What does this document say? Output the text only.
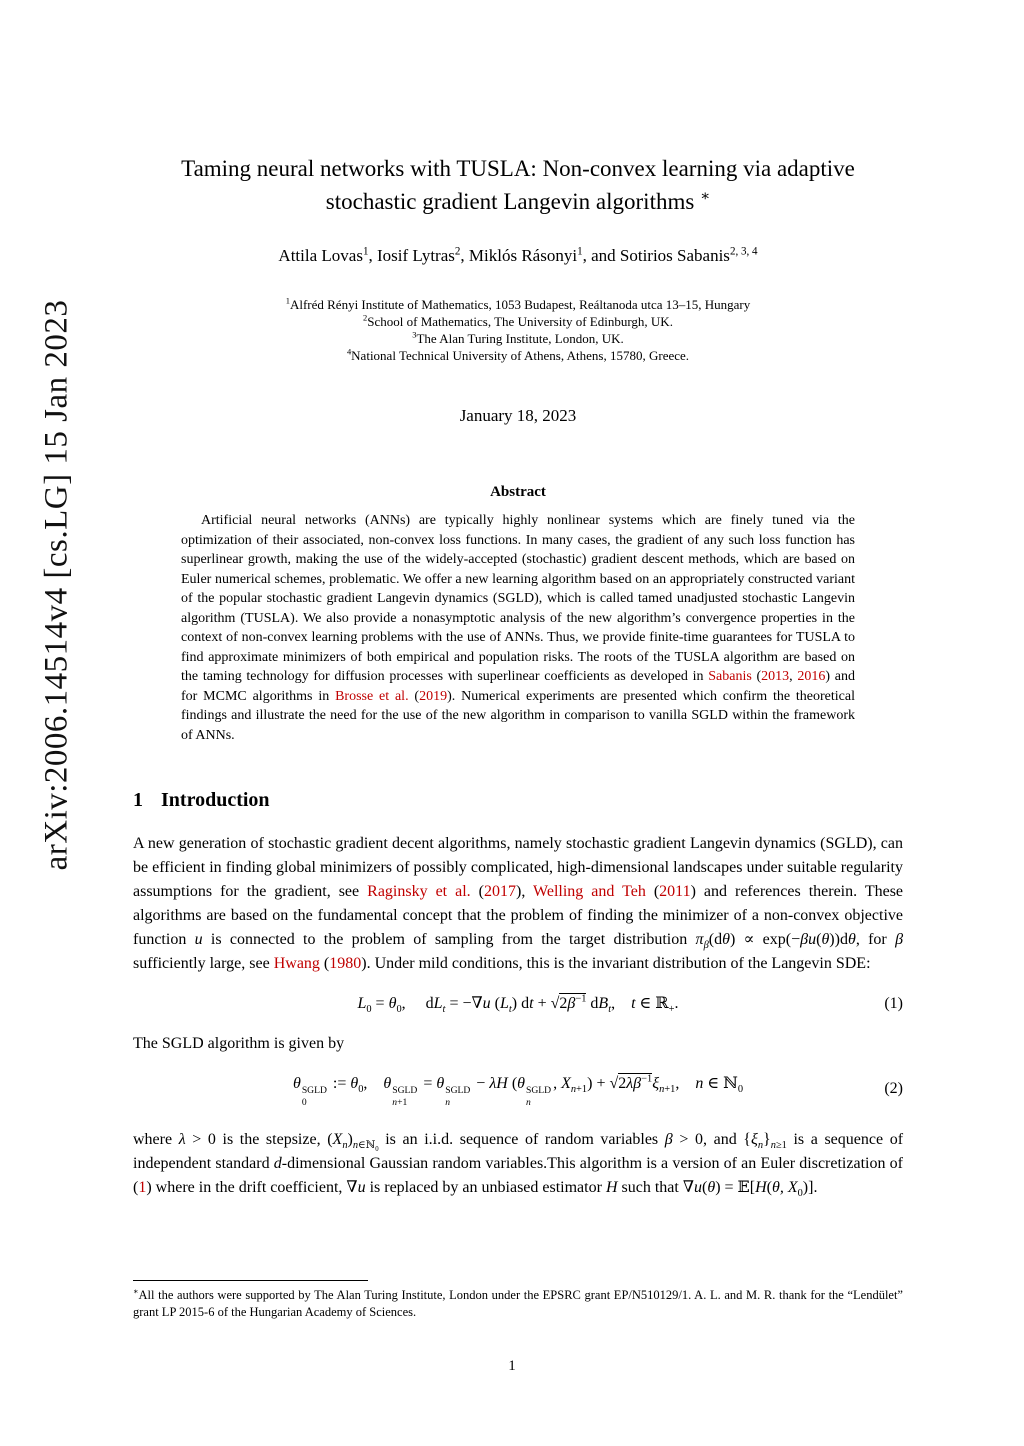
arXiv:2006.14514v4 [cs.LG] 15 Jan 2023
Taming neural networks with TUSLA: Non-convex learning via adaptive
stochastic gradient Langevin algorithms ∗
Attila Lovas$^1$, Iosif Lytras$^2$, Miklós Rásonyi$^1$, and Sotirios Sabanis$^{2, 3, 4}$
$^1$Alfréd Rényi Institute of Mathematics, 1053 Budapest, Reáltanoda utca 13–15, Hungary
$^2$School of Mathematics, The University of Edinburgh, UK.
$^3$The Alan Turing Institute, London, UK.
$^4$National Technical University of Athens, Athens, 15780, Greece.
January 18, 2023
Abstract

Artificial neural networks (ANNs) are typically highly nonlinear systems which are finely tuned via the optimization of their associated, non-convex loss functions. In many cases, the gradient of any such loss function has superlinear growth, making the use of the widely-accepted (stochastic) gradient descent methods, which are based on Euler numerical schemes, problematic. We offer a new learning algorithm based on an appropriately constructed variant of the popular stochastic gradient Langevin dynamics (SGLD), which is called tamed unadjusted stochastic Langevin algorithm (TUSLA). We also provide a nonasymptotic analysis of the new algorithm’s convergence properties in the context of non-convex learning problems with the use of ANNs. Thus, we provide finite-time guarantees for TUSLA to find approximate minimizers of both empirical and population risks. The roots of the TUSLA algorithm are based on the taming technology for diffusion processes with superlinear coefficients as developed in Sabanis (2013, 2016) and for MCMC algorithms in Brosse et al. (2019). Numerical experiments are presented which confirm the theoretical findings and illustrate the need for the use of the new algorithm in comparison to vanilla SGLD within the framework of ANNs.

1 Introduction

A new generation of stochastic gradient decent algorithms, namely stochastic gradient Langevin dynamics (SGLD), can be efficient in finding global minimizers of possibly complicated, high-dimensional landscapes under suitable regularity assumptions for the gradient, see Raginsky et al. (2017), Welling and Teh (2011) and references therein. These algorithms are based on the fundamental concept that the problem of finding the minimizer of a non-convex objective function u is connected to the problem of sampling from the target distribution $\pi_\beta(d\theta) \propto \exp(-\beta u(\theta))d\theta$, for β sufficiently large, see Hwang (1980). Under mild conditions, this is the invariant distribution of the Langevin SDE:

$L_0 = \theta_0$,     $dL_t = -\nabla u$ $(L_t)$ dt + $√2\beta^{-1}$ $dB_t$,    t ∈ ℝ$_+$.	(1)

The SGLD algorithm is given by

θ SGLD
0
:= $\theta_0$,    θ SGLD
n+1
= θ SGLD
n
− λH (θ SGLD
n
, $X_{n+1}) + √2\lambda\beta^{-1}\xi_{n+1}$,    n ∈ ℕ$_0$	(2)

where λ > 0 is the stepsize, $(X_n)_{n\in ℕ_0}$ is an i.i.d. sequence of random variables β > 0, and $\{\xi_n\}_{n\ge 1}$ is a sequence of independent standard d-dimensional Gaussian random variables.This algorithm is a version of an Euler discretization of (1) where in the drift coefficient, ∇u is replaced by an unbiased estimator H such that ∇u(θ) = 𝔼[H(θ, $X_0$)].

∗All the authors were supported by The Alan Turing Institute, London under the EPSRC grant EP/N510129/1. A. L. and M. R. thank for the “Lendület” grant LP 2015-6 of the Hungarian Academy of Sciences.
1
